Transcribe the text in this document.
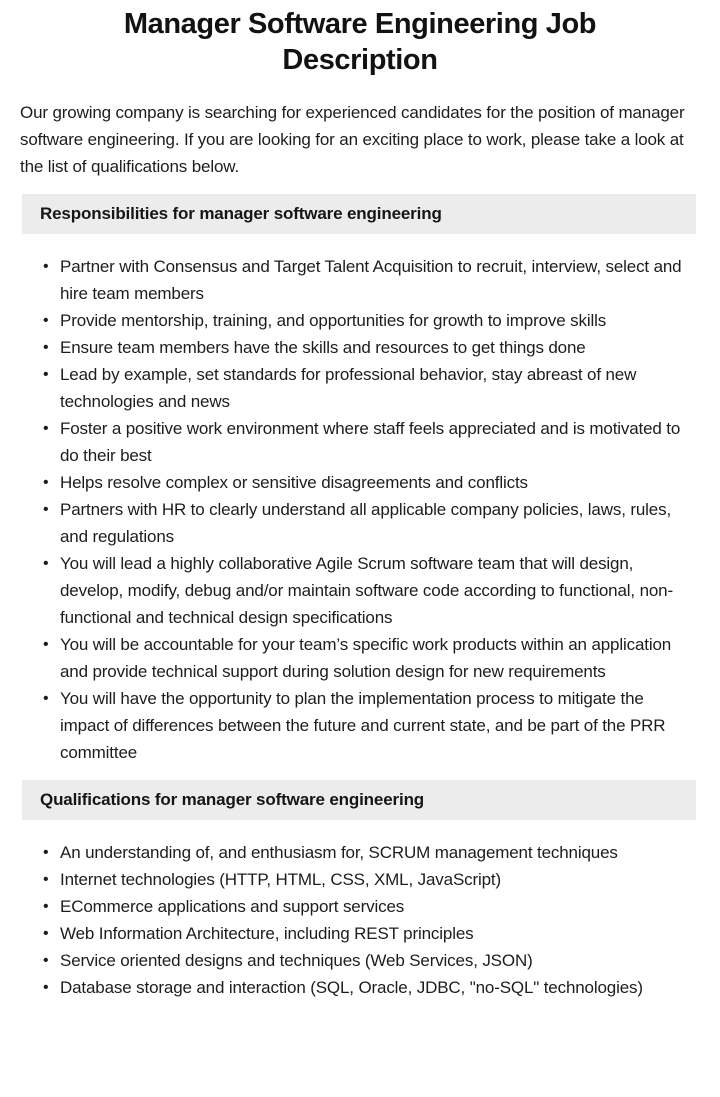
Manager Software Engineering Job Description

Our growing company is searching for experienced candidates for the position of manager software engineering. If you are looking for an exciting place to work, please take a look at the list of qualifications below.

Responsibilities for manager software engineering
• Partner with Consensus and Target Talent Acquisition to recruit, interview, select and hire team members
• Provide mentorship, training, and opportunities for growth to improve skills
• Ensure team members have the skills and resources to get things done
• Lead by example, set standards for professional behavior, stay abreast of new technologies and news
• Foster a positive work environment where staff feels appreciated and is motivated to do their best
• Helps resolve complex or sensitive disagreements and conflicts
• Partners with HR to clearly understand all applicable company policies, laws, rules, and regulations
• You will lead a highly collaborative Agile Scrum software team that will design, develop, modify, debug and/or maintain software code according to functional, non-functional and technical design specifications
• You will be accountable for your team’s specific work products within an application and provide technical support during solution design for new requirements
• You will have the opportunity to plan the implementation process to mitigate the impact of differences between the future and current state, and be part of the PRR committee
Qualifications for manager software engineering
• An understanding of, and enthusiasm for, SCRUM management techniques
• Internet technologies (HTTP, HTML, CSS, XML, JavaScript)
• ECommerce applications and support services
• Web Information Architecture, including REST principles
• Service oriented designs and techniques (Web Services, JSON)
• Database storage and interaction (SQL, Oracle, JDBC, "no-SQL" technologies)
